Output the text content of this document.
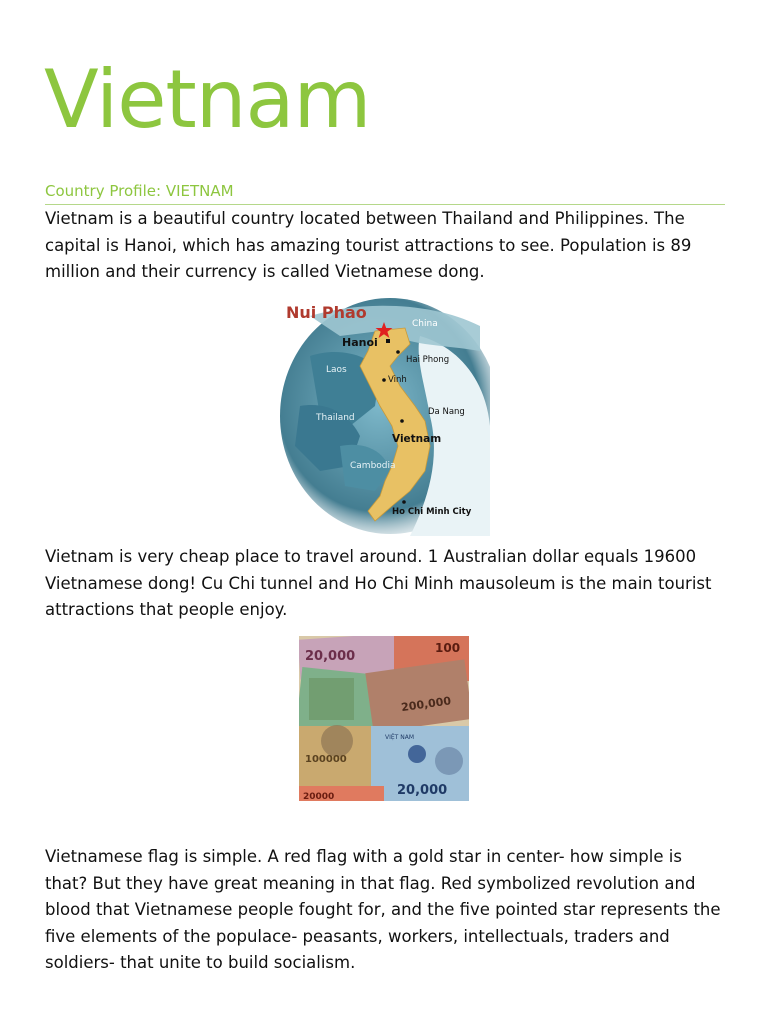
Vietnam
Country Profile: VIETNAM

Vietnam is a beautiful country located between Thailand and Philippines. The capital is Hanoi, which has amazing tourist attractions to see. Population is 89 million and their currency is called Vietnamese dong.

Nui Phao
China
Hanoi
Hai Phong
Laos
Vinh
Thailand
Da Nang
Vietnam
Cambodia
Ho Chi Minh City

Vietnam is very cheap place to travel around. 1 Australian dollar equals 19600 Vietnamese dong! Cu Chi tunnel and Ho Chi Minh mausoleum is the main tourist attractions that people enjoy.

20,000
100
200,000
100000
VIỆT NAM
20,000
20000

Vietnamese flag is simple. A red flag with a gold star in center- how simple is that? But they have great meaning in that flag. Red symbolized revolution and blood that Vietnamese people fought for, and the five pointed star represents the five elements of the populace- peasants, workers, intellectuals, traders and soldiers- that unite to build socialism.
